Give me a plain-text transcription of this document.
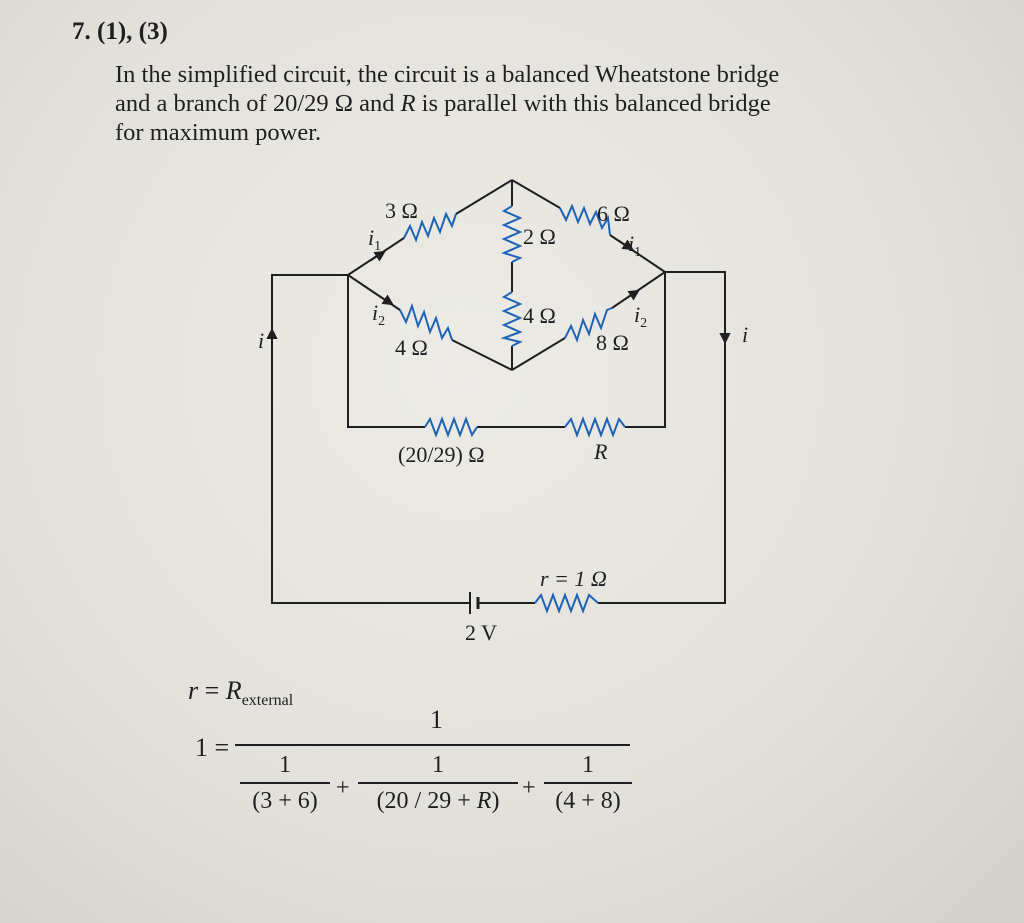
7. (1), (3)
In the simplified circuit, the circuit is a balanced Wheatstone bridge
and a branch of 20/29 Ω and R is parallel with this balanced bridge
for maximum power.
3 Ω	6 Ω
2 Ω
4 Ω
4 Ω	8 Ω
(20/29) Ω	R
r = 1 Ω
2 V
i	i
$i_1$	$i_1$
$i_2$	$i_2$
$r = R_{external}$
1 =
1
1
(3 + 6) +
1
(20 / 29 + R) +
1
(4 + 8)
